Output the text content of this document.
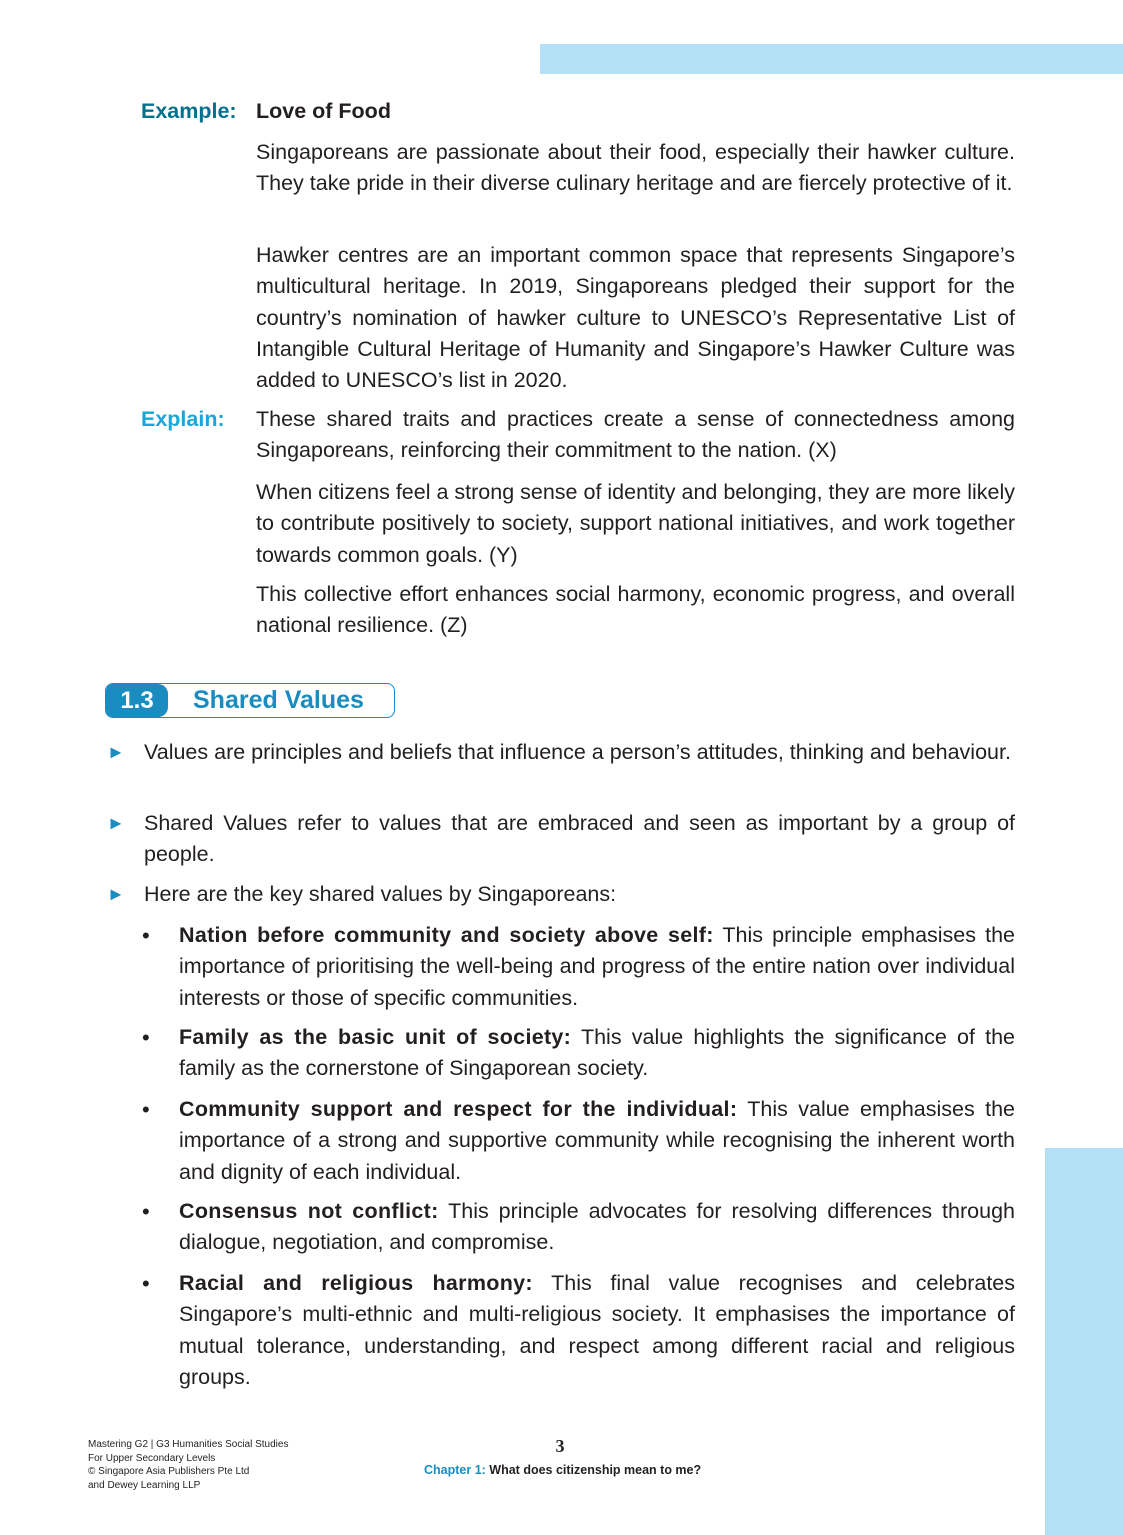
Example: Love of Food

Singaporeans are passionate about their food, especially their hawker culture. They take pride in their diverse culinary heritage and are fiercely protective of it.

Hawker centres are an important common space that represents Singapore’s multicultural heritage. In 2019, Singaporeans pledged their support for the country’s nomination of hawker culture to UNESCO’s Representative List of Intangible Cultural Heritage of Humanity and Singapore’s Hawker Culture was added to UNESCO’s list in 2020.

Explain: These shared traits and practices create a sense of connectedness among Singaporeans, reinforcing their commitment to the nation. (X)

When citizens feel a strong sense of identity and belonging, they are more likely to contribute positively to society, support national initiatives, and work together towards common goals. (Y)

This collective effort enhances social harmony, economic progress, and overall national resilience. (Z)

1.3	Shared Values
► Values are principles and beliefs that influence a person’s attitudes, thinking and behaviour.

► Shared Values refer to values that are embraced and seen as important by a group of people.

► Here are the key shared values by Singaporeans:

• Nation before community and society above self: This principle emphasises the importance of prioritising the well-being and progress of the entire nation over individual interests or those of specific communities.

• Family as the basic unit of society: This value highlights the significance of the family as the cornerstone of Singaporean society.

• Community support and respect for the individual: This value emphasises the importance of a strong and supportive community while recognising the inherent worth and dignity of each individual.

• Consensus not conflict: This principle advocates for resolving differences through dialogue, negotiation, and compromise.

• Racial and religious harmony: This final value recognises and celebrates Singapore’s multi-ethnic and multi-religious society. It emphasises the importance of mutual tolerance, understanding, and respect among different racial and religious groups.

Mastering G2 | G3 Humanities Social Studies
For Upper Secondary Levels
© Singapore Asia Publishers Pte Ltd
and Dewey Learning LLP
3
Chapter 1: What does citizenship mean to me?
